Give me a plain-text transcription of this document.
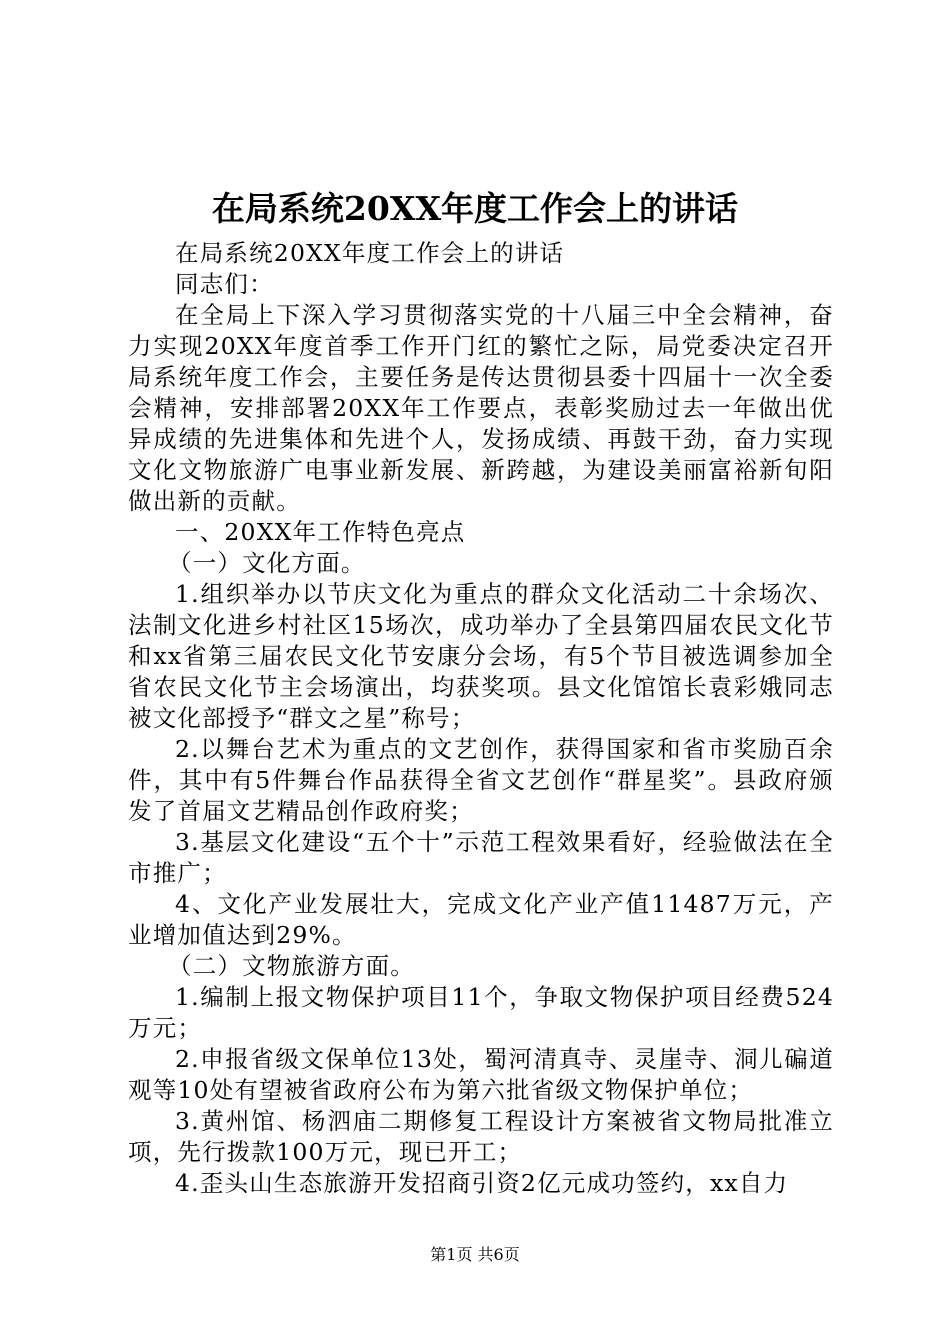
在局系统20XX年度工作会上的讲话

在局系统20XX年度工作会上的讲话

同志们：

在全局上下深入学习贯彻落实党的十八届三中全会精神，奋力实现20XX年度首季工作开门红的繁忙之际，局党委决定召开局系统年度工作会，主要任务是传达贯彻县委十四届十一次全委会精神，安排部署20XX年工作要点，表彰奖励过去一年做出优异成绩的先进集体和先进个人，发扬成绩、再鼓干劲，奋力实现文化文物旅游广电事业新发展、新跨越，为建设美丽富裕新旬阳做出新的贡献。

一、20XX年工作特色亮点

（一）文化方面。

1.组织举办以节庆文化为重点的群众文化活动二十余场次、法制文化进乡村社区15场次，成功举办了全县第四届农民文化节和xx省第三届农民文化节安康分会场，有5个节目被选调参加全省农民文化节主会场演出，均获奖项。县文化馆馆长袁彩娥同志被文化部授予“群文之星”称号；

2.以舞台艺术为重点的文艺创作，获得国家和省市奖励百余件，其中有5件舞台作品获得全省文艺创作“群星奖”。县政府颁发了首届文艺精品创作政府奖；

3.基层文化建设“五个十”示范工程效果看好，经验做法在全市推广；

4、文化产业发展壮大，完成文化产业产值11487万元，产业增加值达到29%。

（二）文物旅游方面。

1.编制上报文物保护项目11个，争取文物保护项目经费524万元；

2.申报省级文保单位13处，蜀河清真寺、灵崖寺、洞儿碥道观等10处有望被省政府公布为第六批省级文物保护单位；

3.黄州馆、杨泗庙二期修复工程设计方案被省文物局批准立项，先行拨款100万元，现已开工；

4.歪头山生态旅游开发招商引资2亿元成功签约，xx自力

第1页 共6页
